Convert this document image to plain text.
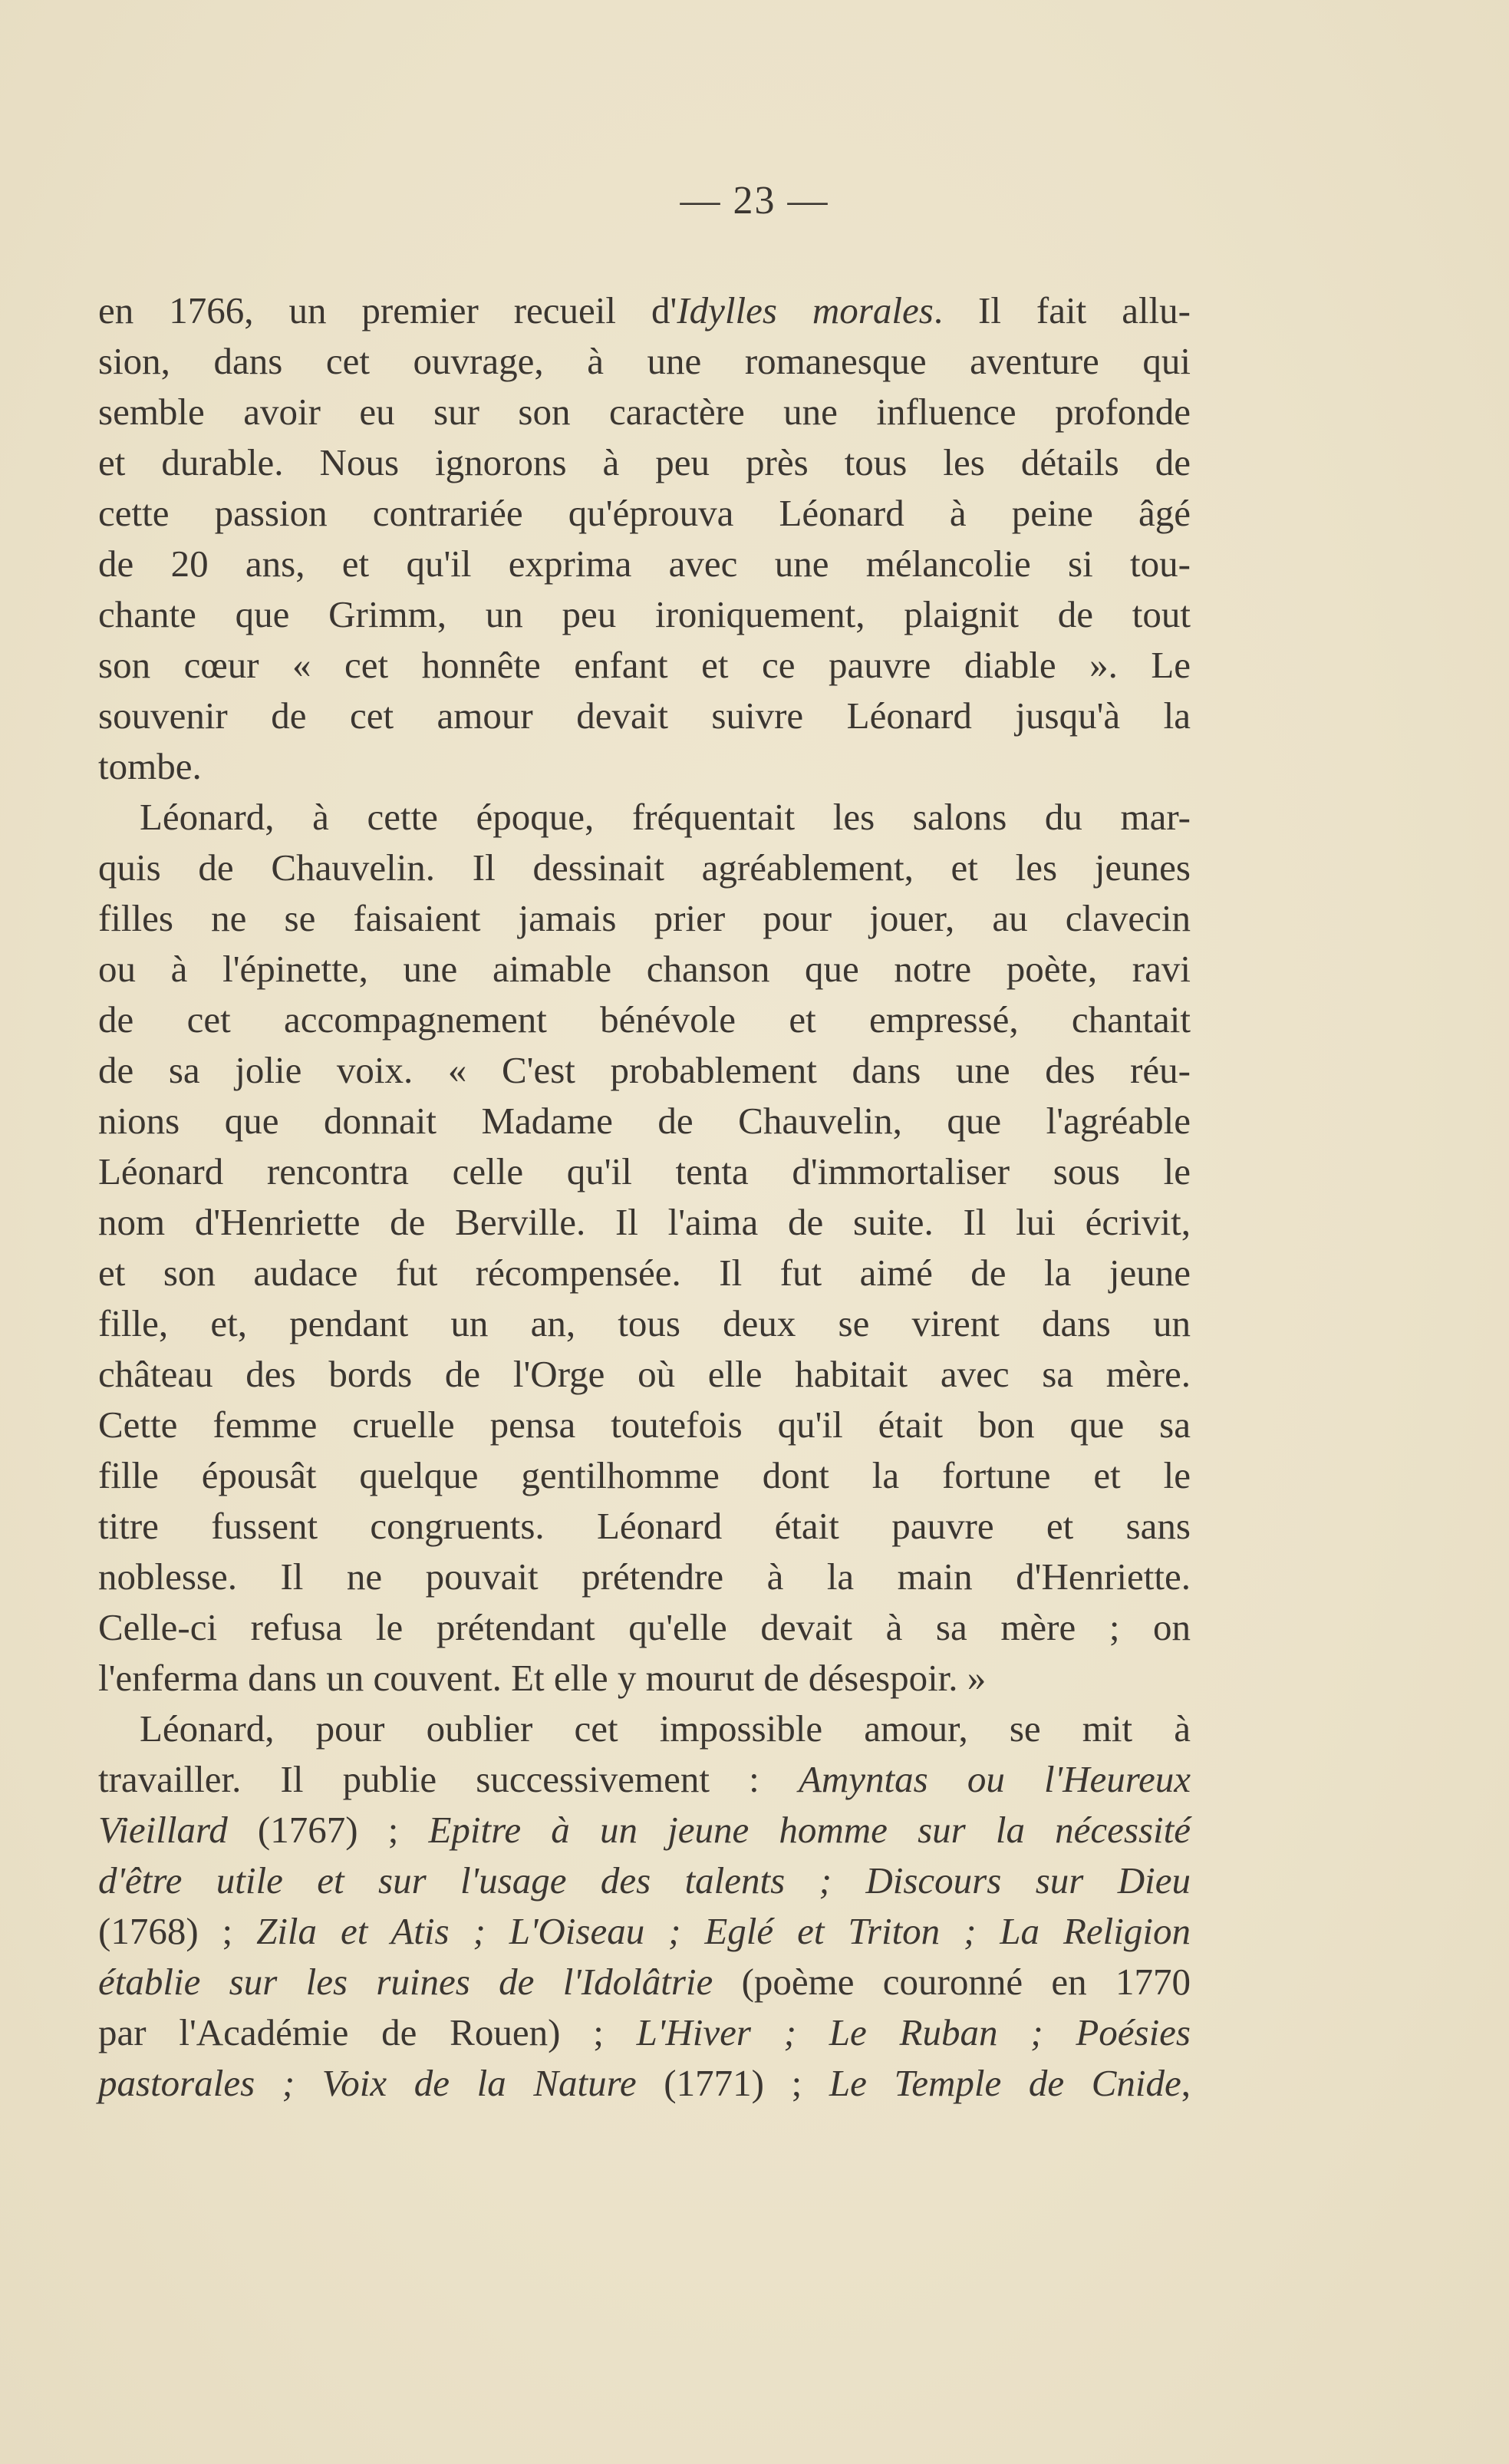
— 23 —
en 1766, un premier recueil d'Idylles morales. Il fait allu-
sion, dans cet ouvrage, à une romanesque aventure qui
semble avoir eu sur son caractère une influence profonde
et durable. Nous ignorons à peu près tous les détails de
cette passion contrariée qu'éprouva Léonard à peine âgé
de 20 ans, et qu'il exprima avec une mélancolie si tou-
chante que Grimm, un peu ironiquement, plaignit de tout
son cœur « cet honnête enfant et ce pauvre diable ». Le
souvenir de cet amour devait suivre Léonard jusqu'à la
tombe.
Léonard, à cette époque, fréquentait les salons du mar-
quis de Chauvelin. Il dessinait agréablement, et les jeunes
filles ne se faisaient jamais prier pour jouer, au clavecin
ou à l'épinette, une aimable chanson que notre poète, ravi
de cet accompagnement bénévole et empressé, chantait
de sa jolie voix. « C'est probablement dans une des réu-
nions que donnait Madame de Chauvelin, que l'agréable
Léonard rencontra celle qu'il tenta d'immortaliser sous le
nom d'Henriette de Berville. Il l'aima de suite. Il lui écrivit,
et son audace fut récompensée. Il fut aimé de la jeune
fille, et, pendant un an, tous deux se virent dans un
château des bords de l'Orge où elle habitait avec sa mère.
Cette femme cruelle pensa toutefois qu'il était bon que sa
fille épousât quelque gentilhomme dont la fortune et le
titre fussent congruents. Léonard était pauvre et sans
noblesse. Il ne pouvait prétendre à la main d'Henriette.
Celle-ci refusa le prétendant qu'elle devait à sa mère ; on
l'enferma dans un couvent. Et elle y mourut de désespoir. »
Léonard, pour oublier cet impossible amour, se mit à
travailler. Il publie successivement : Amyntas ou l'Heureux
Vieillard (1767) ; Epitre à un jeune homme sur la nécessité
d'être utile et sur l'usage des talents ; Discours sur Dieu
(1768) ; Zila et Atis ; L'Oiseau ; Eglé et Triton ; La Religion
établie sur les ruines de l'Idolâtrie (poème couronné en 1770
par l'Académie de Rouen) ; L'Hiver ; Le Ruban ; Poésies
pastorales ; Voix de la Nature (1771) ; Le Temple de Cnide,
